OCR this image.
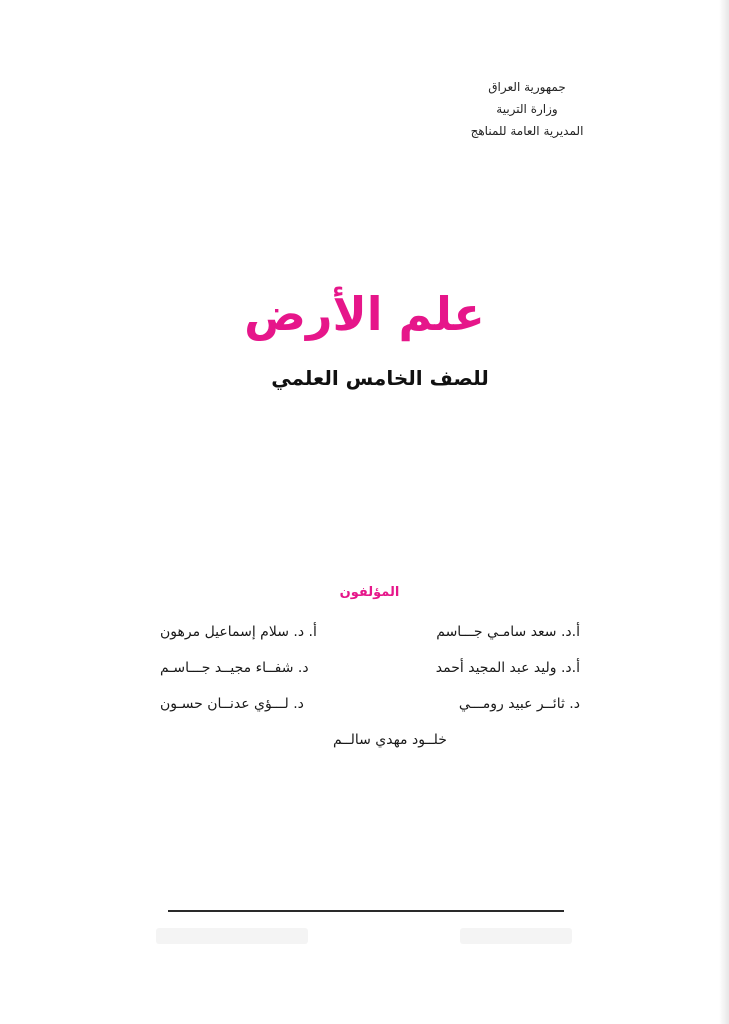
جمهورية العراق
وزارة التربية
المديرية العامة للمناهج
علم الأرض
للصف الخامس العلمي
المؤلفون
أ.د. سعد سامـي جـــاسم
أ. د. سلام إسماعيل مرهون
أ.د. وليد عبد المجيد أحمد
د. شفــاء مجيــد جـــاسـم
د. ثائــر عبيد رومـــي
د. لـــؤي عدنــان حسـون
خلــود مهدي سالــم
